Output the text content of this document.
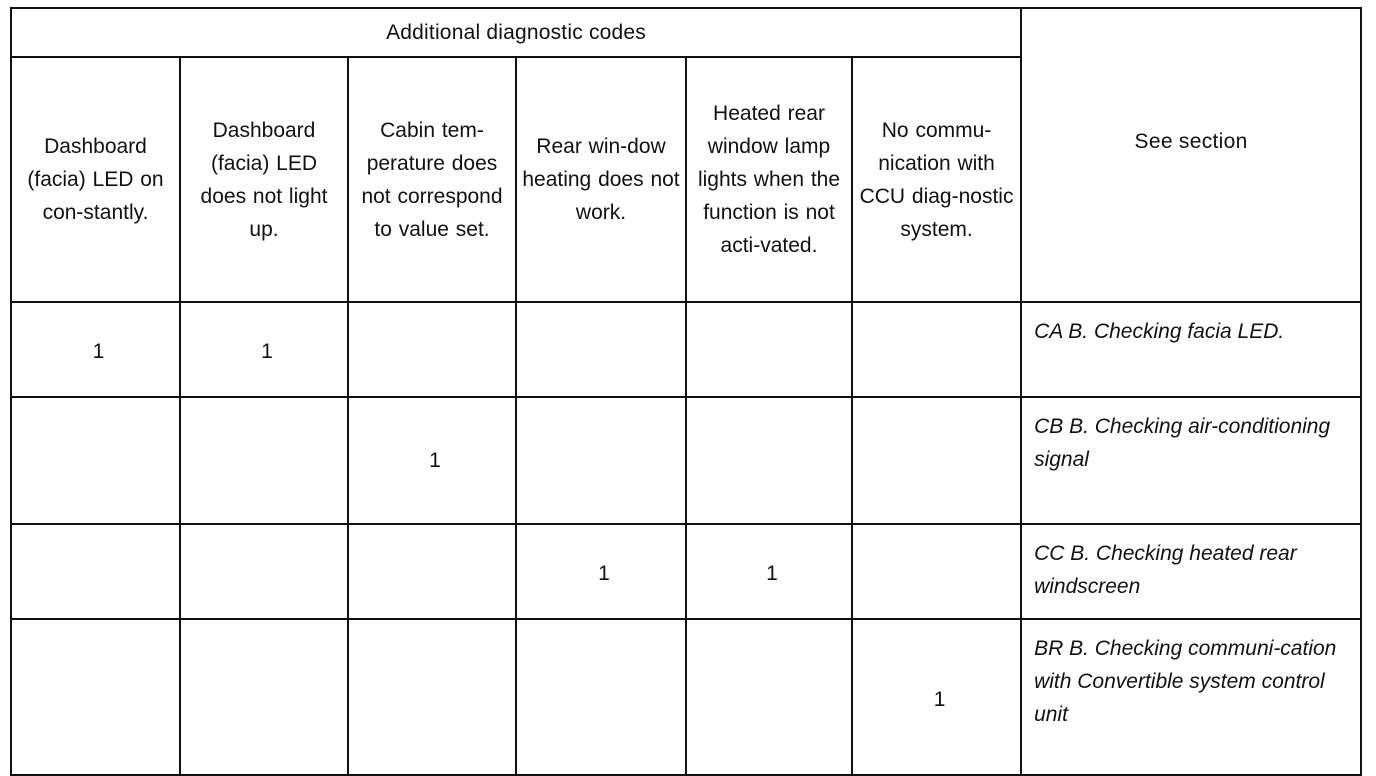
Additional diagnostic codes						See section
Dashboard (facia) LED on con-stantly.	Dashboard (facia) LED does not light up.	Cabin tem-perature does not correspond to value set.	Rear win-dow heating does not work.	Heated rear window lamp lights when the function is not acti-vated.	No commu-nication with CCU diag-nostic system.	
1	1					CA B. Checking facia LED.
		1				CB B. Checking air-conditioning signal
			1	1		CC B. Checking heated rear windscreen
					1	BR B. Checking communi-cation with Convertible system control unit
